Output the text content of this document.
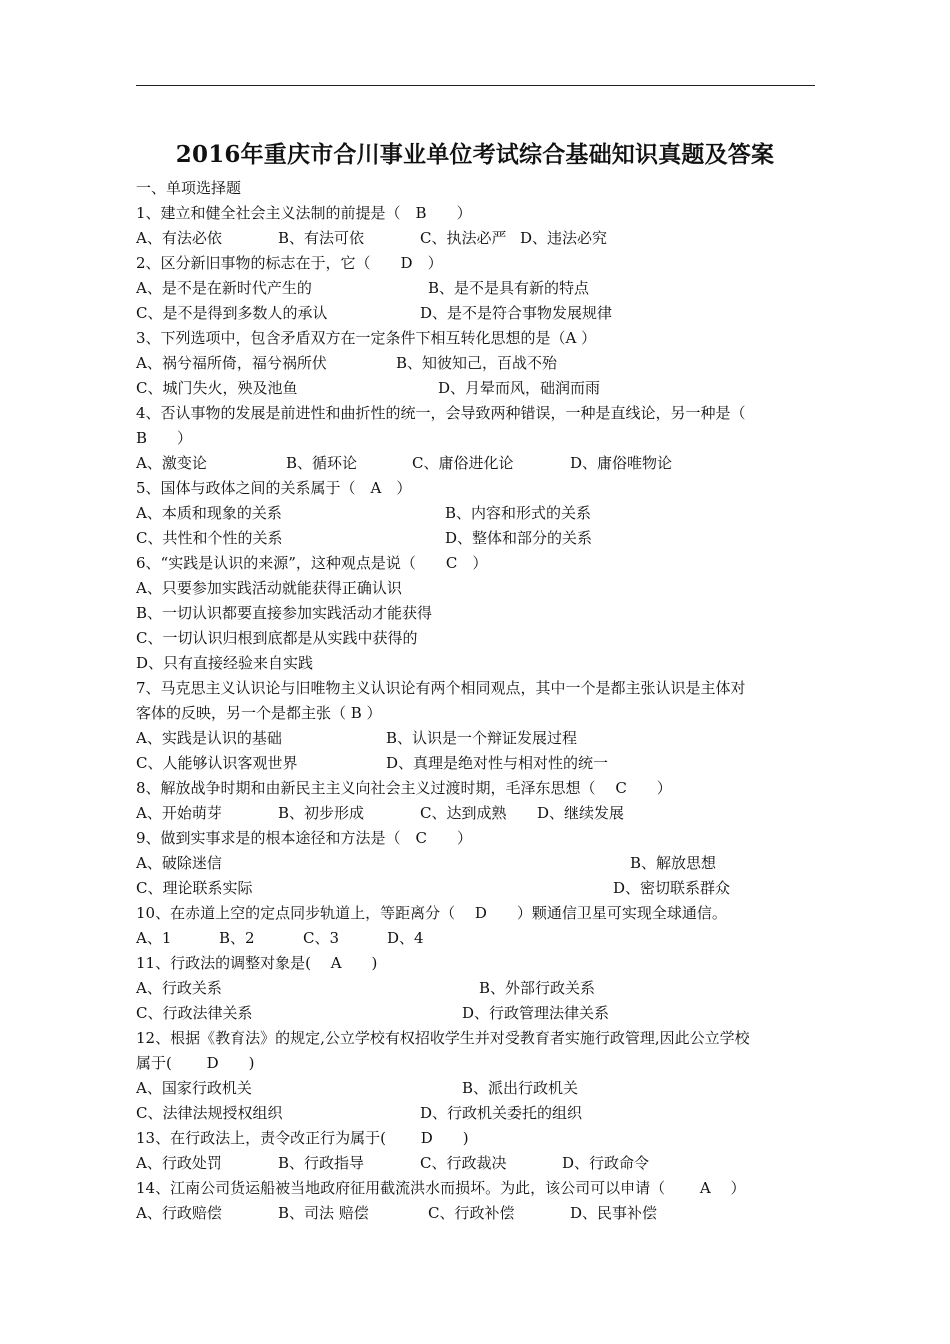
2016年重庆市合川事业单位考试综合基础知识真题及答案
一、单项选择题
1、建立和健全社会主义法制的前提是（　B　　）
A、有法必依	B、有法可依	C、执法必严 D、违法必究
2、区分新旧事物的标志在于，它（　　D　）
A、是不是在新时代产生的	B、是不是具有新的特点
C、是不是得到多数人的承认	D、是不是符合事物发展规律
3、下列选项中，包含矛盾双方在一定条件下相互转化思想的是（A ）
A、祸兮福所倚，福兮祸所伏	B、知彼知己，百战不殆
C、城门失火，殃及池鱼	D、月晕而风，础润而雨
4、否认事物的发展是前进性和曲折性的统一，会导致两种错误，一种是直线论，另一种是（
B　　）
A、激变论	B、循环论	C、庸俗进化论	D、庸俗唯物论
5、国体与政体之间的关系属于（　A　）
A、本质和现象的关系	B、内容和形式的关系
C、共性和个性的关系	D、整体和部分的关系
6、“实践是认识的来源”，这种观点是说（　　C　）
A、只要参加实践活动就能获得正确认识
B、一切认识都要直接参加实践活动才能获得
C、一切认识归根到底都是从实践中获得的
D、只有直接经验来自实践
7、马克思主义认识论与旧唯物主义认识论有两个相同观点，其中一个是都主张认识是主体对
客体的反映，另一个是都主张（ B ）
A、实践是认识的基础	B、认识是一个辩证发展过程
C、人能够认识客观世界	D、真理是绝对性与相对性的统一
8、解放战争时期和由新民主主义向社会主义过渡时期，毛泽东思想（　 C　　）
A、开始萌芽	B、初步形成	C、达到成熟 D、继续发展
9、做到实事求是的根本途径和方法是（　C　　）
A、破除迷信	B、解放思想
C、理论联系实际	D、密切联系群众
10、在赤道上空的定点同步轨道上，等距离分（　 D　　）颗通信卫星可实现全球通信。
A、1	B、2	C、3	D、4
11、行政法的调整对象是(　 A　　)
A、行政关系	B、外部行政关系
C、行政法律关系	D、行政管理法律关系
12、根据《教育法》的规定,公立学校有权招收学生并对受教育者实施行政管理,因此公立学校
属于(　　 D　　)
A、国家行政机关	B、派出行政机关
C、法律法规授权组织	D、行政机关委托的组织
13、在行政法上，责令改正行为属于(　　 D　　)
A、行政处罚	B、行政指导	C、行政裁决	D、行政命令
14、江南公司货运船被当地政府征用截流洪水而损坏。为此，该公司可以申请（　　 A　 ）
A、行政赔偿	B、司法 赔偿	C、行政补偿	D、民事补偿
